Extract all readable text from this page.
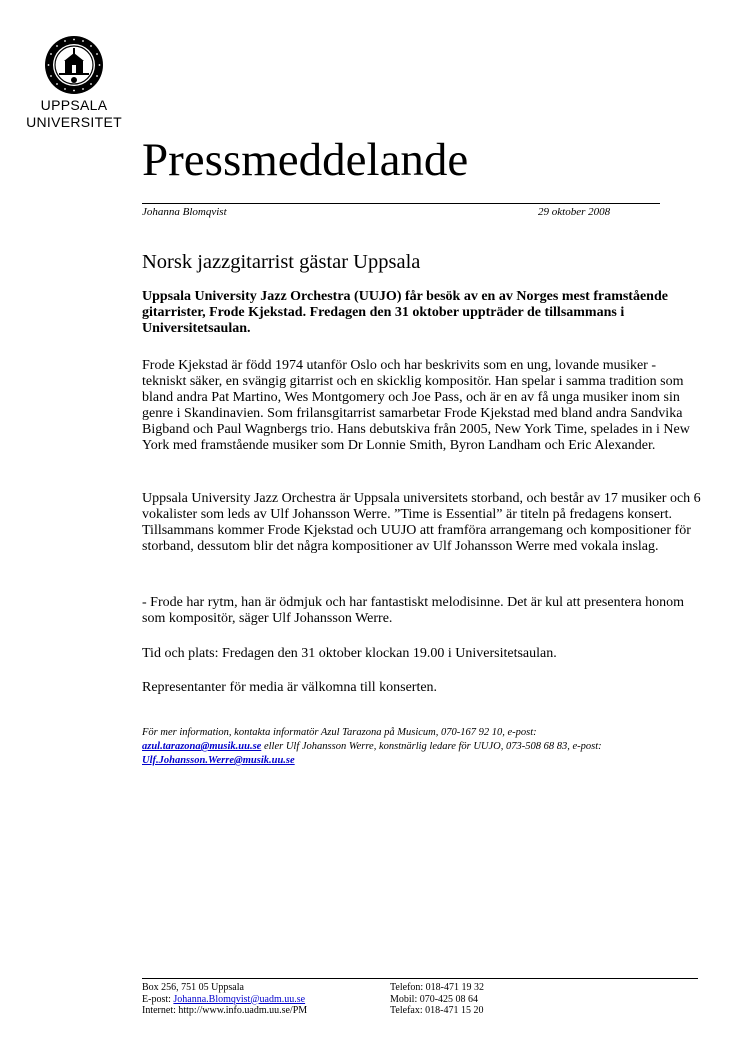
UPPSALA
UNIVERSITET
Pressmeddelande
Johanna Blomqvist	29 oktober 2008
Norsk jazzgitarrist gästar Uppsala

Uppsala University Jazz Orchestra (UUJO) får besök av en av Norges mest framstående gitarrister, Frode Kjekstad. Fredagen den 31 oktober uppträder de tillsammans i Universitetsaulan.

Frode Kjekstad är född 1974 utanför Oslo och har beskrivits som en ung, lovande musiker - tekniskt säker, en svängig gitarrist och en skicklig kompositör. Han spelar i samma tradition som bland andra Pat Martino, Wes Montgomery och Joe Pass, och är en av få unga musiker inom sin genre i Skandinavien. Som frilansgitarrist samarbetar Frode Kjekstad med bland andra Sandvika Bigband och Paul Wagnbergs trio. Hans debutskiva från 2005, New York Time, spelades in i New York med framstående musiker som Dr Lonnie Smith, Byron Landham och Eric Alexander.

Uppsala University Jazz Orchestra är Uppsala universitets storband, och består av 17 musiker och 6 vokalister som leds av Ulf Johansson Werre. ”Time is Essential” är titeln på fredagens konsert. Tillsammans kommer Frode Kjekstad och UUJO att framföra arrangemang och kompositioner för storband, dessutom blir det några kompositioner av Ulf Johansson Werre med vokala inslag.

- Frode har rytm, han är ödmjuk och har fantastiskt melodisinne. Det är kul att presentera honom som kompositör, säger Ulf Johansson Werre.

Tid och plats: Fredagen den 31 oktober klockan 19.00 i Universitetsaulan.

Representanter för media är välkomna till konserten.

För mer information, kontakta informatör Azul Tarazona på Musicum, 070-167 92 10, e-post:
azul.tarazona@musik.uu.se eller Ulf Johansson Werre, konstnärlig ledare för UUJO, 073-508 68 83, e-post:
Ulf.Johansson.Werre@musik.uu.se
Box 256, 751 05 Uppsala
E-post: Johanna.Blomqvist@uadm.uu.se
Internet: http://www.info.uadm.uu.se/PM
Telefon: 018-471 19 32
Mobil: 070-425 08 64
Telefax: 018-471 15 20
